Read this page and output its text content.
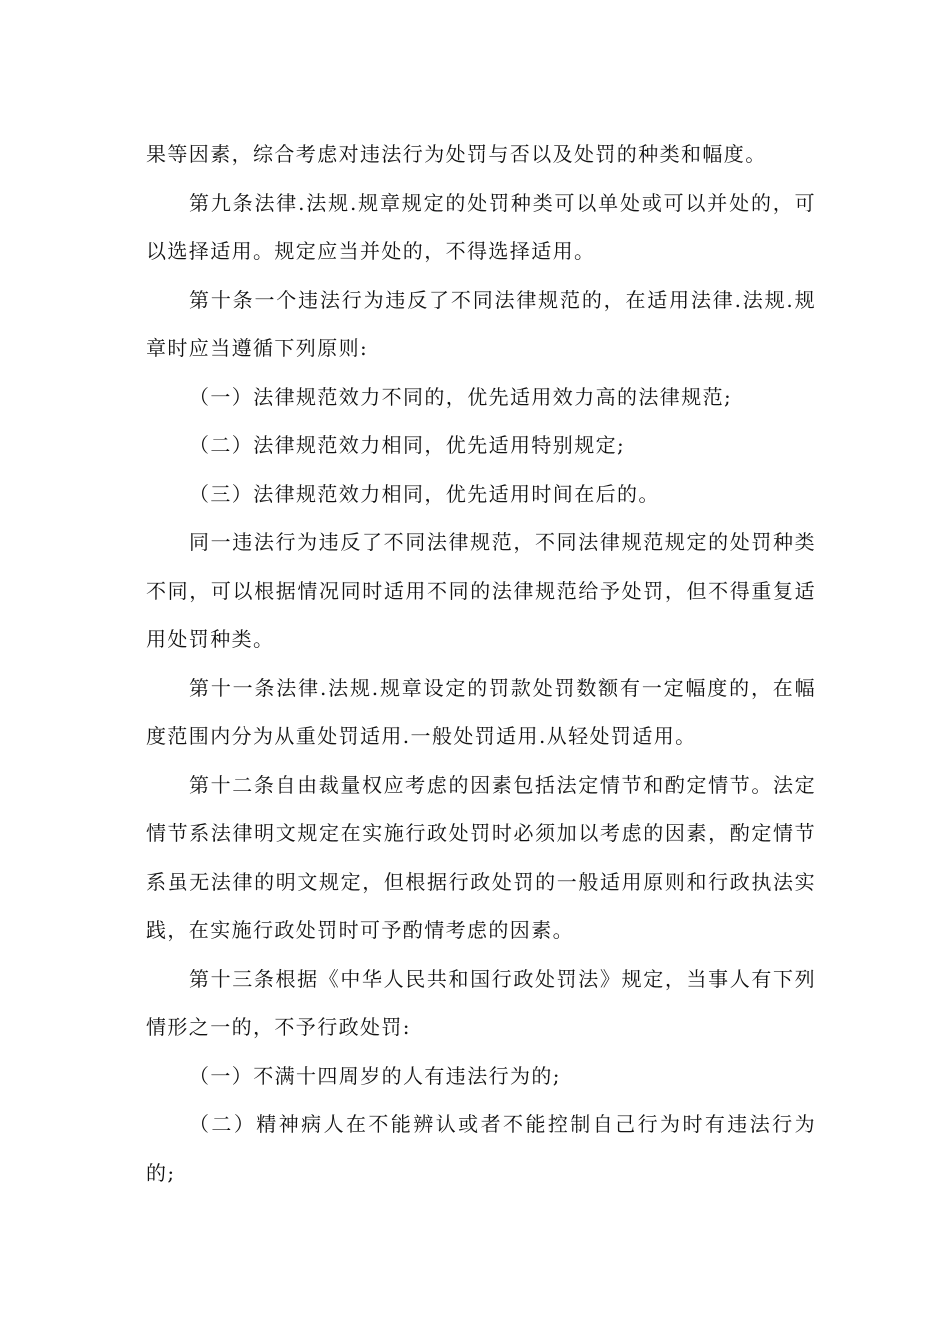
果等因素，综合考虑对违法行为处罚与否以及处罚的种类和幅度。

第九条法律.法规.规章规定的处罚种类可以单处或可以并处的，可以选择适用。规定应当并处的，不得选择适用。

第十条一个违法行为违反了不同法律规范的，在适用法律.法规.规章时应当遵循下列原则:

（一）法律规范效力不同的，优先适用效力高的法律规范;

（二）法律规范效力相同，优先适用特别规定;

（三）法律规范效力相同，优先适用时间在后的。

同一违法行为违反了不同法律规范，不同法律规范规定的处罚种类不同，可以根据情况同时适用不同的法律规范给予处罚，但不得重复适用处罚种类。

第十一条法律.法规.规章设定的罚款处罚数额有一定幅度的，在幅度范围内分为从重处罚适用.一般处罚适用.从轻处罚适用。

第十二条自由裁量权应考虑的因素包括法定情节和酌定情节。法定情节系法律明文规定在实施行政处罚时必须加以考虑的因素，酌定情节系虽无法律的明文规定，但根据行政处罚的一般适用原则和行政执法实践，在实施行政处罚时可予酌情考虑的因素。

第十三条根据《中华人民共和国行政处罚法》规定，当事人有下列情形之一的，不予行政处罚:

（一）不满十四周岁的人有违法行为的;

（二）精神病人在不能辨认或者不能控制自己行为时有违法行为的;
